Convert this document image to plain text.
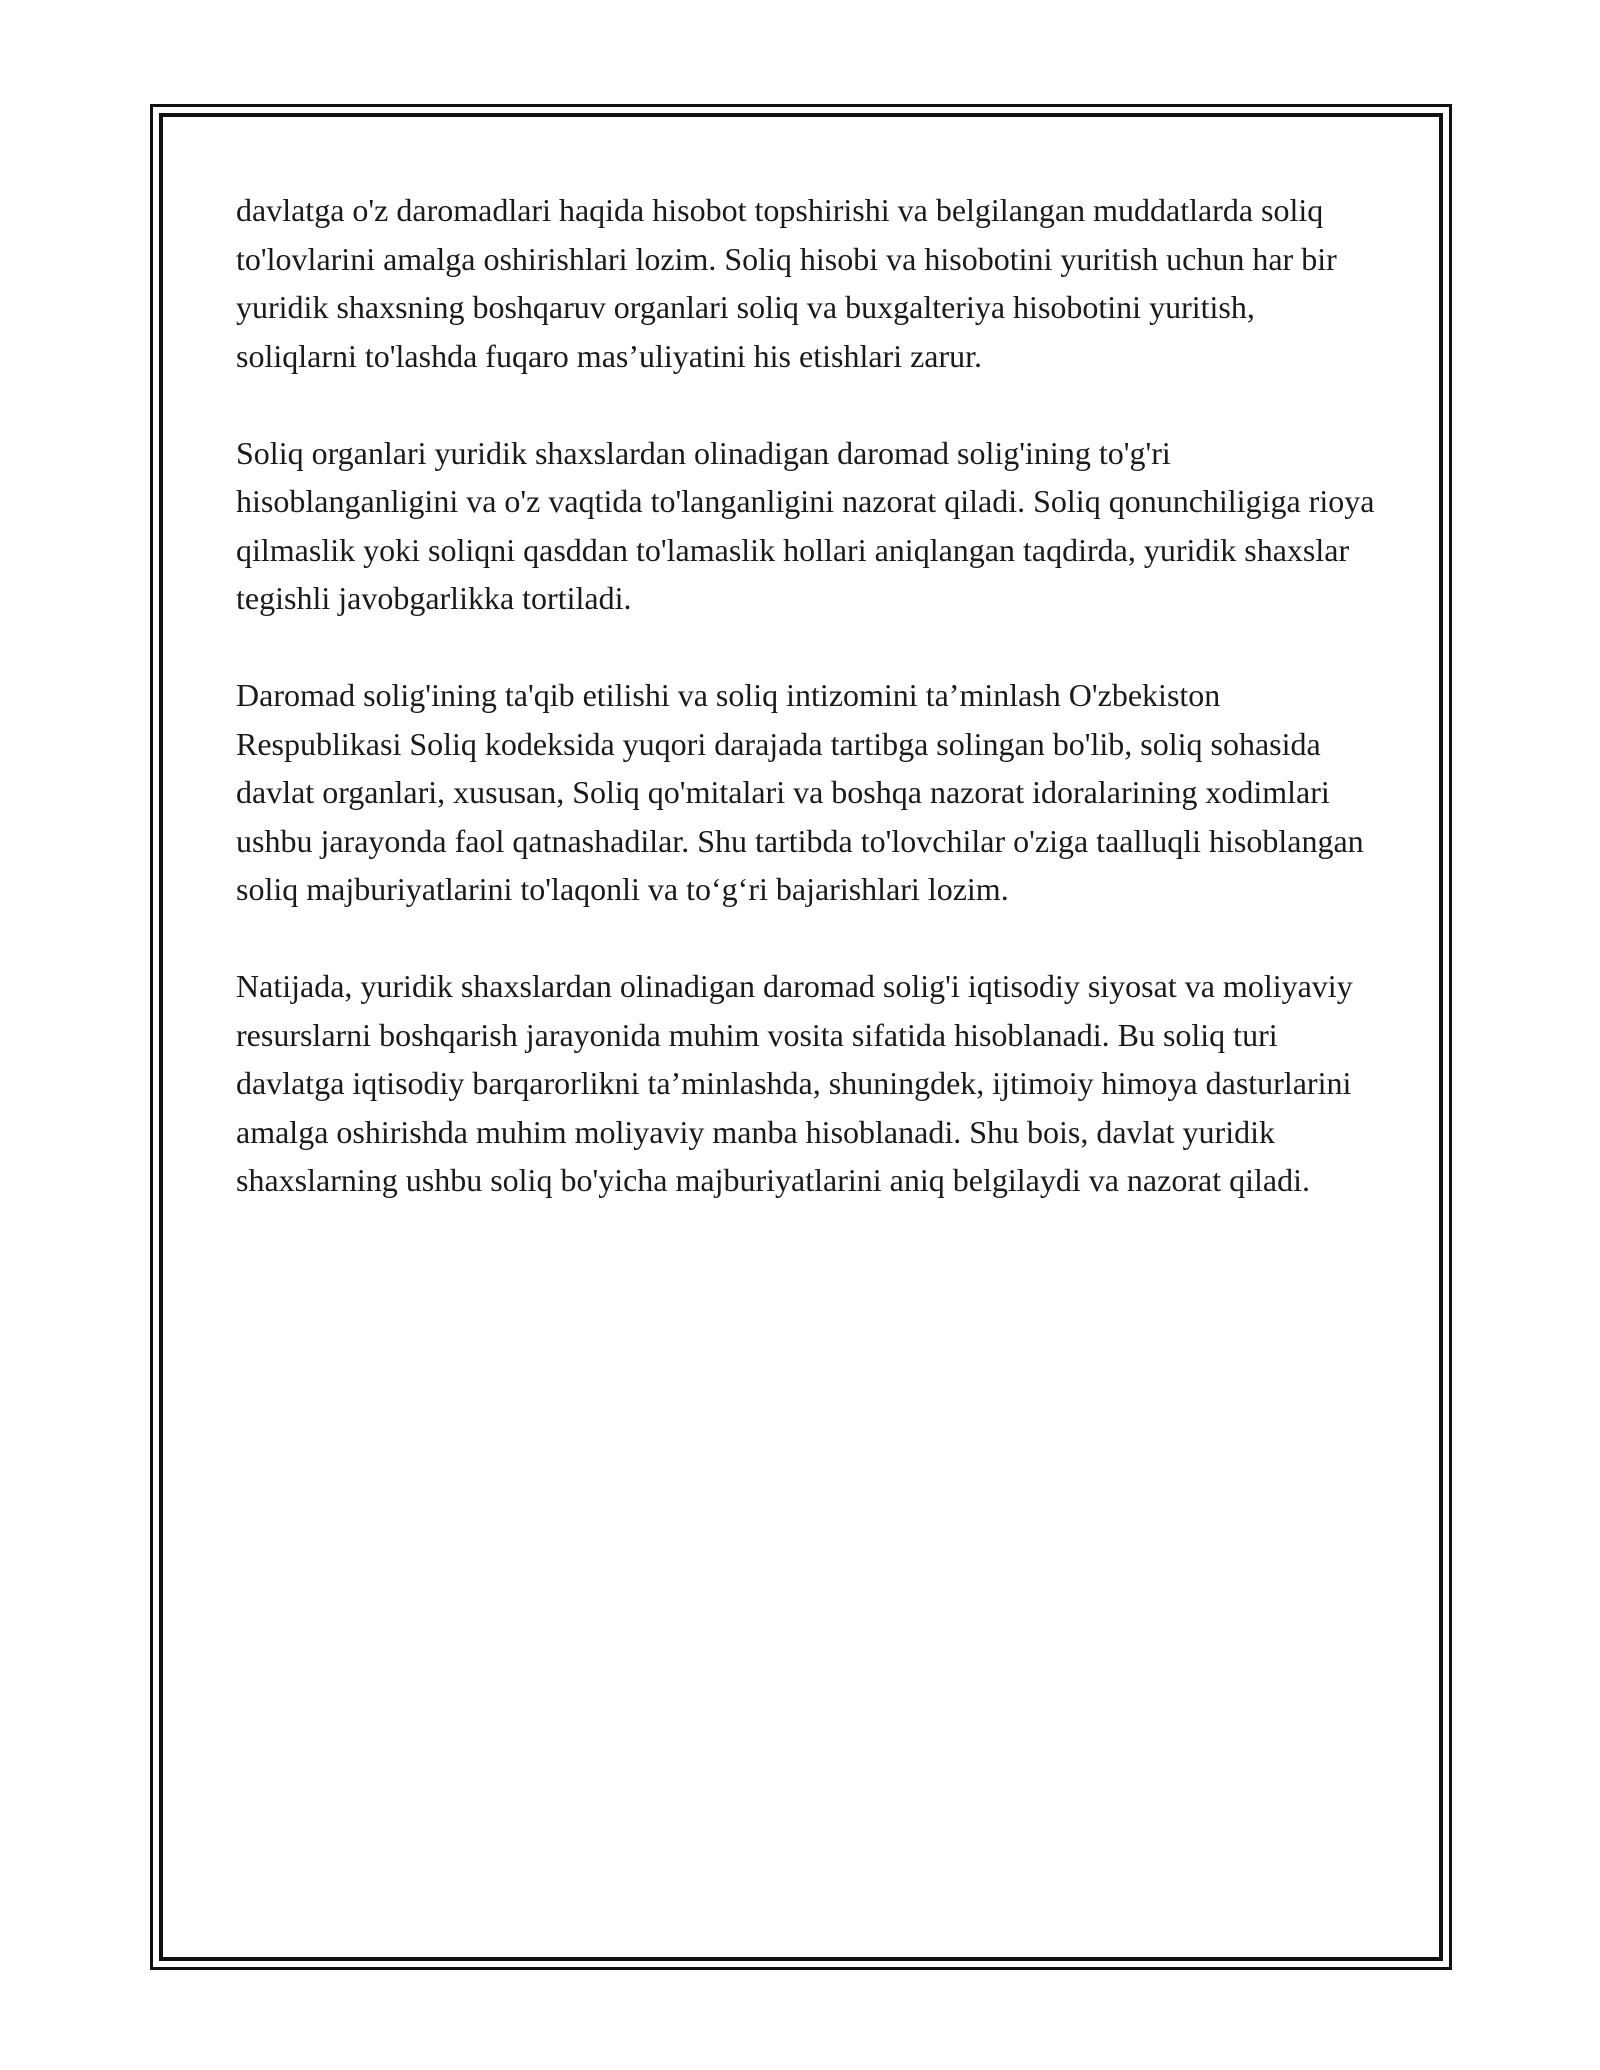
davlatga o'z daromadlari haqida hisobot topshirishi va belgilangan muddatlarda soliq to'lovlarini amalga oshirishlari lozim. Soliq hisobi va hisobotini yuritish uchun har bir yuridik shaxsning boshqaruv organlari soliq va buxgalteriya hisobotini yuritish, soliqlarni to'lashda fuqaro mas’uliyatini his etishlari zarur.

Soliq organlari yuridik shaxslardan olinadigan daromad solig'ining to'g'ri hisoblanganligini va o'z vaqtida to'langanligini nazorat qiladi. Soliq qonunchiligiga rioya qilmaslik yoki soliqni qasddan to'lamaslik hollari aniqlangan taqdirda, yuridik shaxslar tegishli javobgarlikka tortiladi.

Daromad solig'ining ta'qib etilishi va soliq intizomini ta’minlash O'zbekiston Respublikasi Soliq kodeksida yuqori darajada tartibga solingan bo'lib, soliq sohasida davlat organlari, xususan, Soliq qo'mitalari va boshqa nazorat idoralarining xodimlari ushbu jarayonda faol qatnashadilar. Shu tartibda to'lovchilar o'ziga taalluqli hisoblangan soliq majburiyatlarini to'laqonli va to‘g‘ri bajarishlari lozim.

Natijada, yuridik shaxslardan olinadigan daromad solig'i iqtisodiy siyosat va moliyaviy resurslarni boshqarish jarayonida muhim vosita sifatida hisoblanadi. Bu soliq turi davlatga iqtisodiy barqarorlikni ta’minlashda, shuningdek, ijtimoiy himoya dasturlarini amalga oshirishda muhim moliyaviy manba hisoblanadi. Shu bois, davlat yuridik shaxslarning ushbu soliq bo'yicha majburiyatlarini aniq belgilaydi va nazorat qiladi.
